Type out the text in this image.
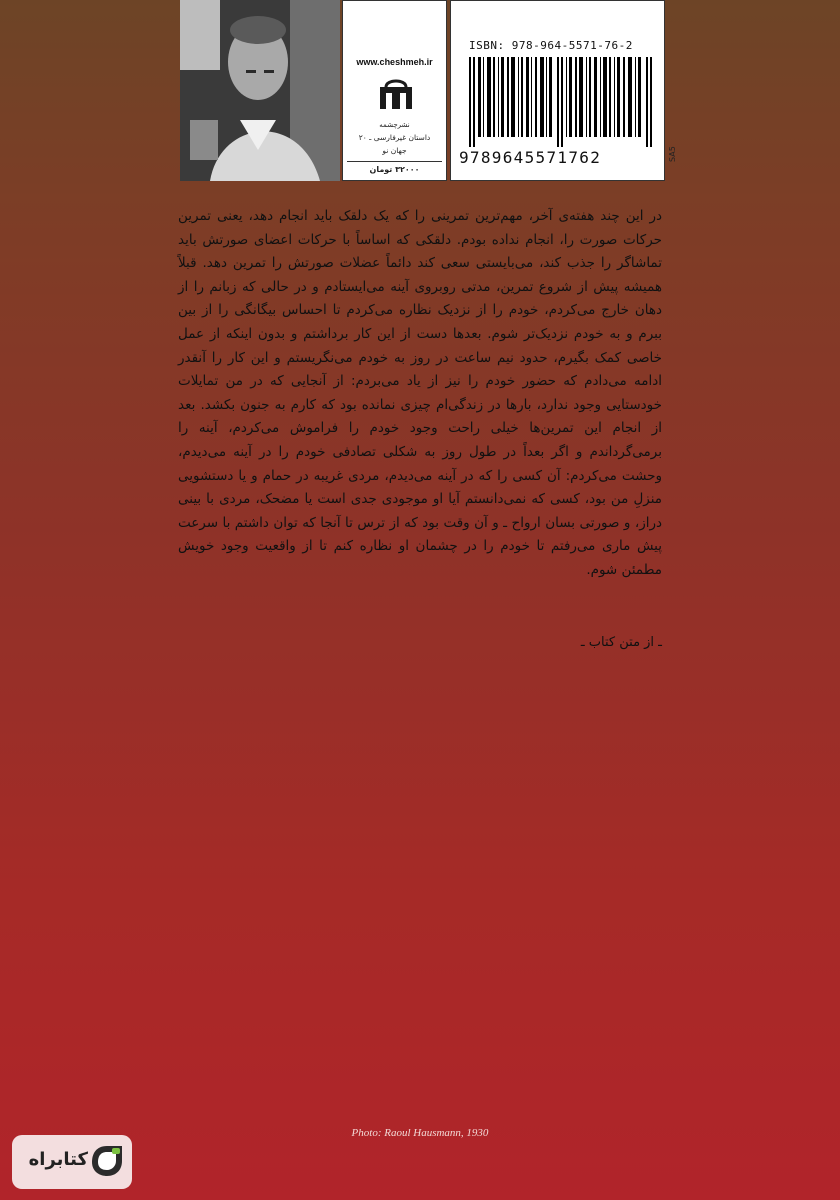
www.cheshmeh.ir
نشرچشمه
داستان غیرفارسی ـ ۲۰
جهان نو
۳۲۰۰۰ تومان
ISBN: 978-964-5571-76-2
9789645571762	SA5

در این چند هفته‌ی آخر، مهم‌ترین تمرینی را که یک دلقک باید انجام دهد، یعنی تمرین حرکات صورت را، انجام نداده بودم. دلقکی که اساساً با حرکات اعضای صورتش باید تماشاگر را جذب کند، می‌بایستی سعی کند دائماً عضلات صورتش را تمرین دهد. قبلاً همیشه پیش از شروع تمرین، مدتی روبروی آینه می‌ایستادم و در حالی که زبانم را از دهان خارج می‌کردم، خودم را از نزدیک نظاره می‌کردم تا احساس بیگانگی را از بین ببرم و به خودم نزدیک‌تر شوم. بعدها دست از این کار برداشتم و بدون اینکه از عمل خاصی کمک بگیرم، حدود نیم ساعت در روز به خودم می‌نگریستم و این کار را آنقدر ادامه می‌دادم که حضور خودم را نیز از یاد می‌بردم: از آنجایی که در من تمایلات خودستایی وجود ندارد، بارها در زندگی‌ام چیزی نمانده بود که کارم به جنون بکشد. بعد از انجام این تمرین‌ها خیلی راحت وجود خودم را فراموش می‌کردم، آینه را برمی‌گرداندم و اگر بعداً در طول روز به شکلی تصادفی خودم را در آینه می‌دیدم، وحشت می‌کردم: آن کسی را که در آینه می‌دیدم، مردی غریبه در حمام و یا دستشویی منزلِ من بود، کسی که نمی‌دانستم آیا او موجودی جدی است یا مضحک، مردی با بینی دراز، و صورتی بسان ارواح ـ و آن وقت بود که از ترس تا آنجا که توان داشتم با سرعت پیش ماری می‌رفتم تا خودم را در چشمان او نظاره کنم تا از واقعیت وجود خویش مطمئن شوم.

ـ از متن کتاب ـ
Photo: Raoul Hausmann, 1930
کتابراه
